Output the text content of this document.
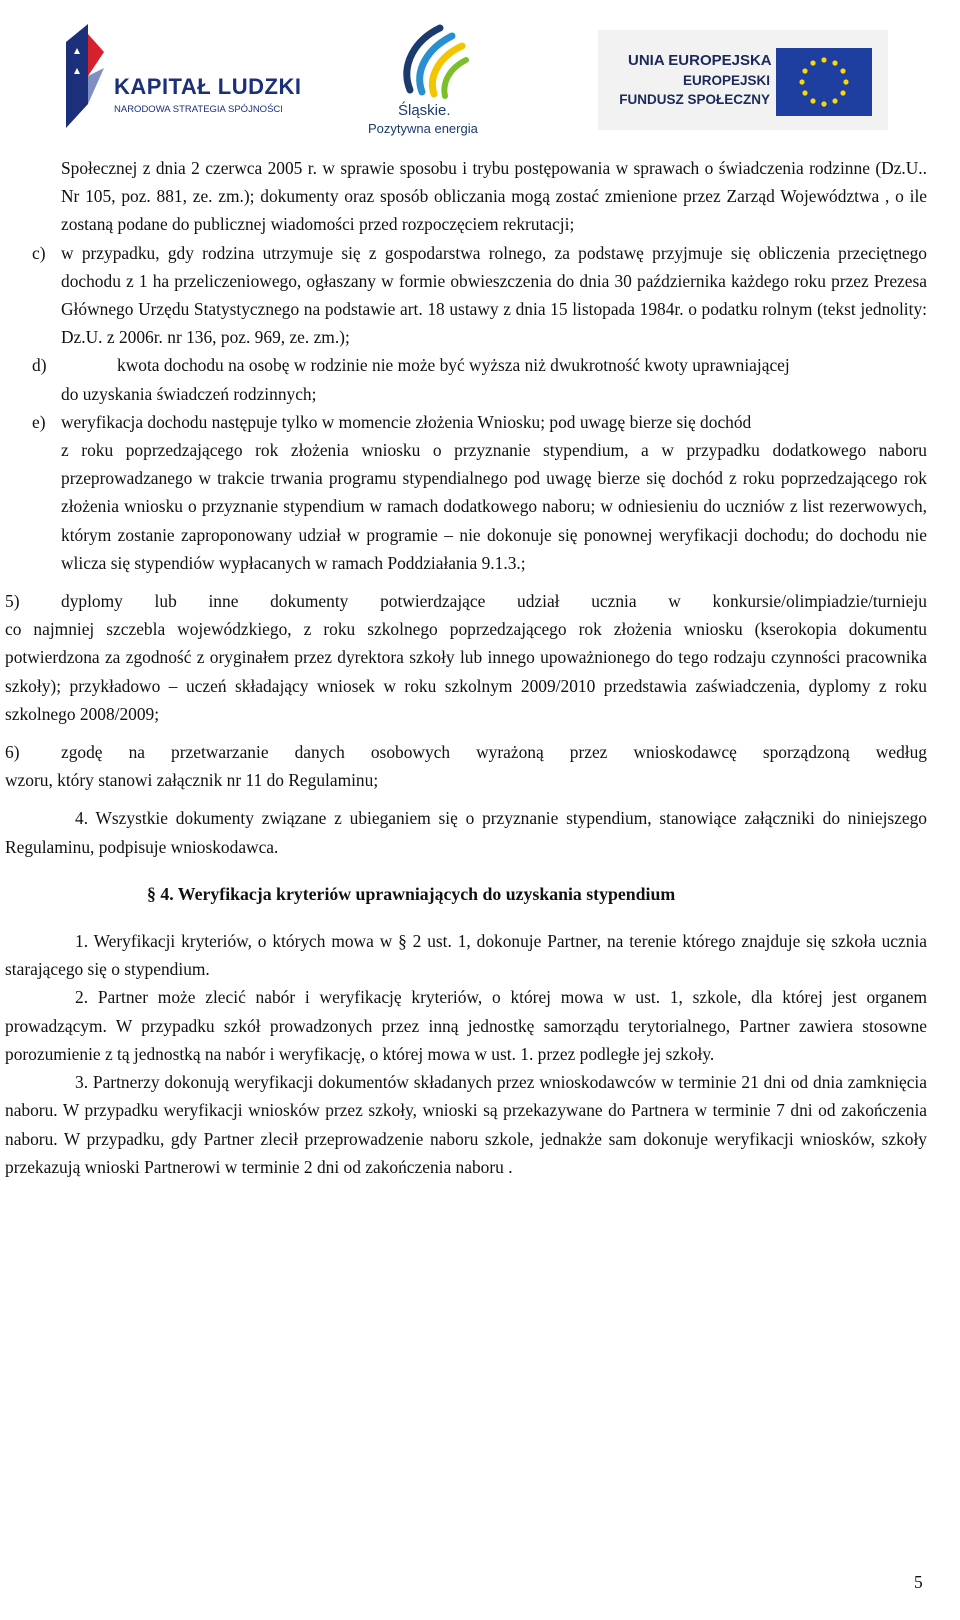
KAPITAŁ LUDZKI
NARODOWA STRATEGIA SPÓJNOŚCI	Śląskie.
Pozytywna energia
UNIA EUROPEJSKA
EUROPEJSKI
FUNDUSZ SPOŁECZNY

Społecznej z dnia 2 czerwca 2005 r. w sprawie sposobu i trybu postępowania w sprawach o świadczenia rodzinne (Dz.U.. Nr 105, poz. 881, ze. zm.); dokumenty oraz sposób obliczania mogą zostać zmienione przez Zarząd Województwa , o ile zostaną podane do publicznej wiadomości przed rozpoczęciem rekrutacji;

c) w przypadku, gdy rodzina utrzymuje się z gospodarstwa rolnego, za podstawę przyjmuje się obliczenia przeciętnego dochodu z 1 ha przeliczeniowego, ogłaszany w formie obwieszczenia do dnia 30 października każdego roku przez Prezesa Głównego Urzędu Statystycznego na podstawie art. 18 ustawy z dnia 15 listopada 1984r. o podatku rolnym (tekst jednolity: Dz.U. z 2006r. nr 136, poz. 969, ze. zm.);
d)	kwota dochodu na osobę w rodzinie nie może być wyższa niż dwukrotność kwoty uprawniającej
do uzyskania świadczeń rodzinnych;
e) weryfikacja dochodu następuje tylko w momencie złożenia Wniosku; pod uwagę bierze się dochód
z roku poprzedzającego rok złożenia wniosku o przyznanie stypendium, a w przypadku dodatkowego naboru przeprowadzanego w trakcie trwania programu stypendialnego pod uwagę bierze się dochód z roku poprzedzającego rok złożenia wniosku o przyznanie stypendium w ramach dodatkowego naboru; w odniesieniu do uczniów z list rezerwowych, którym zostanie zaproponowany udział w programie – nie dokonuje się ponownej weryfikacji dochodu; do dochodu nie wlicza się stypendiów wypłacanych w ramach Poddziałania 9.1.3.;
5) dyplomy lub inne dokumenty potwierdzające udział ucznia w konkursie/olimpiadzie/turnieju
co najmniej szczebla wojewódzkiego, z roku szkolnego poprzedzającego rok złożenia wniosku (kserokopia dokumentu potwierdzona za zgodność z oryginałem przez dyrektora szkoły lub innego upoważnionego do tego rodzaju czynności pracownika szkoły); przykładowo – uczeń składający wniosek w roku szkolnym 2009/2010 przedstawia zaświadczenia, dyplomy z roku szkolnego 2008/2009;
6) zgodę na przetwarzanie danych osobowych wyrażoną przez wnioskodawcę sporządzoną według
wzoru, który stanowi załącznik nr 11 do Regulaminu;

4. Wszystkie dokumenty związane z ubieganiem się o przyznanie stypendium, stanowiące załączniki do niniejszego Regulaminu, podpisuje wnioskodawca.

§ 4. Weryfikacja kryteriów uprawniających do uzyskania stypendium

1. Weryfikacji kryteriów, o których mowa w § 2 ust. 1, dokonuje Partner, na terenie którego znajduje się szkoła ucznia starającego się o stypendium.

2. Partner może zlecić nabór i weryfikację kryteriów, o której mowa w ust. 1, szkole, dla której jest organem prowadzącym. W przypadku szkół prowadzonych przez inną jednostkę samorządu terytorialnego, Partner zawiera stosowne porozumienie z tą jednostką na nabór i weryfikację, o której mowa w ust. 1. przez podległe jej szkoły.

3. Partnerzy dokonują weryfikacji dokumentów składanych przez wnioskodawców w terminie 21 dni od dnia zamknięcia naboru. W przypadku weryfikacji wniosków przez szkoły, wnioski są przekazywane do Partnera w terminie 7 dni od zakończenia naboru. W przypadku, gdy Partner zlecił przeprowadzenie naboru szkole, jednakże sam dokonuje weryfikacji wniosków, szkoły przekazują wnioski Partnerowi w terminie 2 dni od zakończenia naboru .

5
